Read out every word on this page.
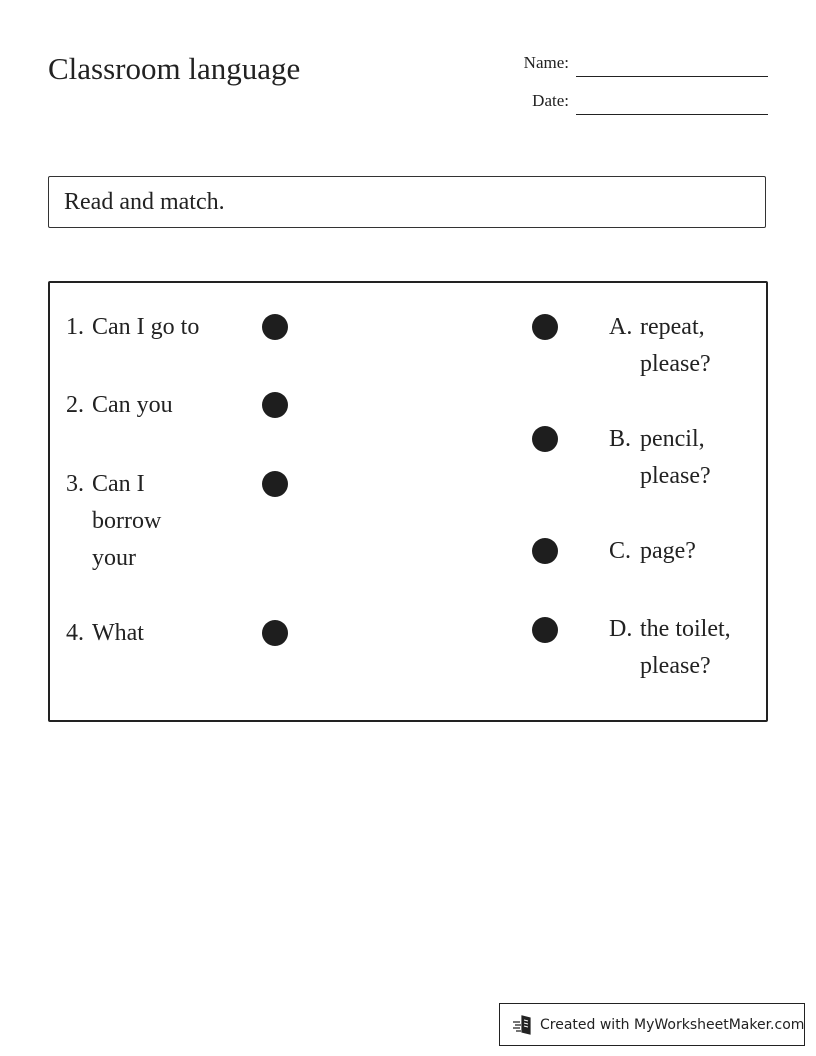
Classroom language	Name:
Date:
Read and match.
1. Can I go to
2. Can you
3. Can I borrow your
4. What
A. repeat, please?
B. pencil, please?
C. page?
D. the toilet, please?
Created with MyWorksheetMaker.com
